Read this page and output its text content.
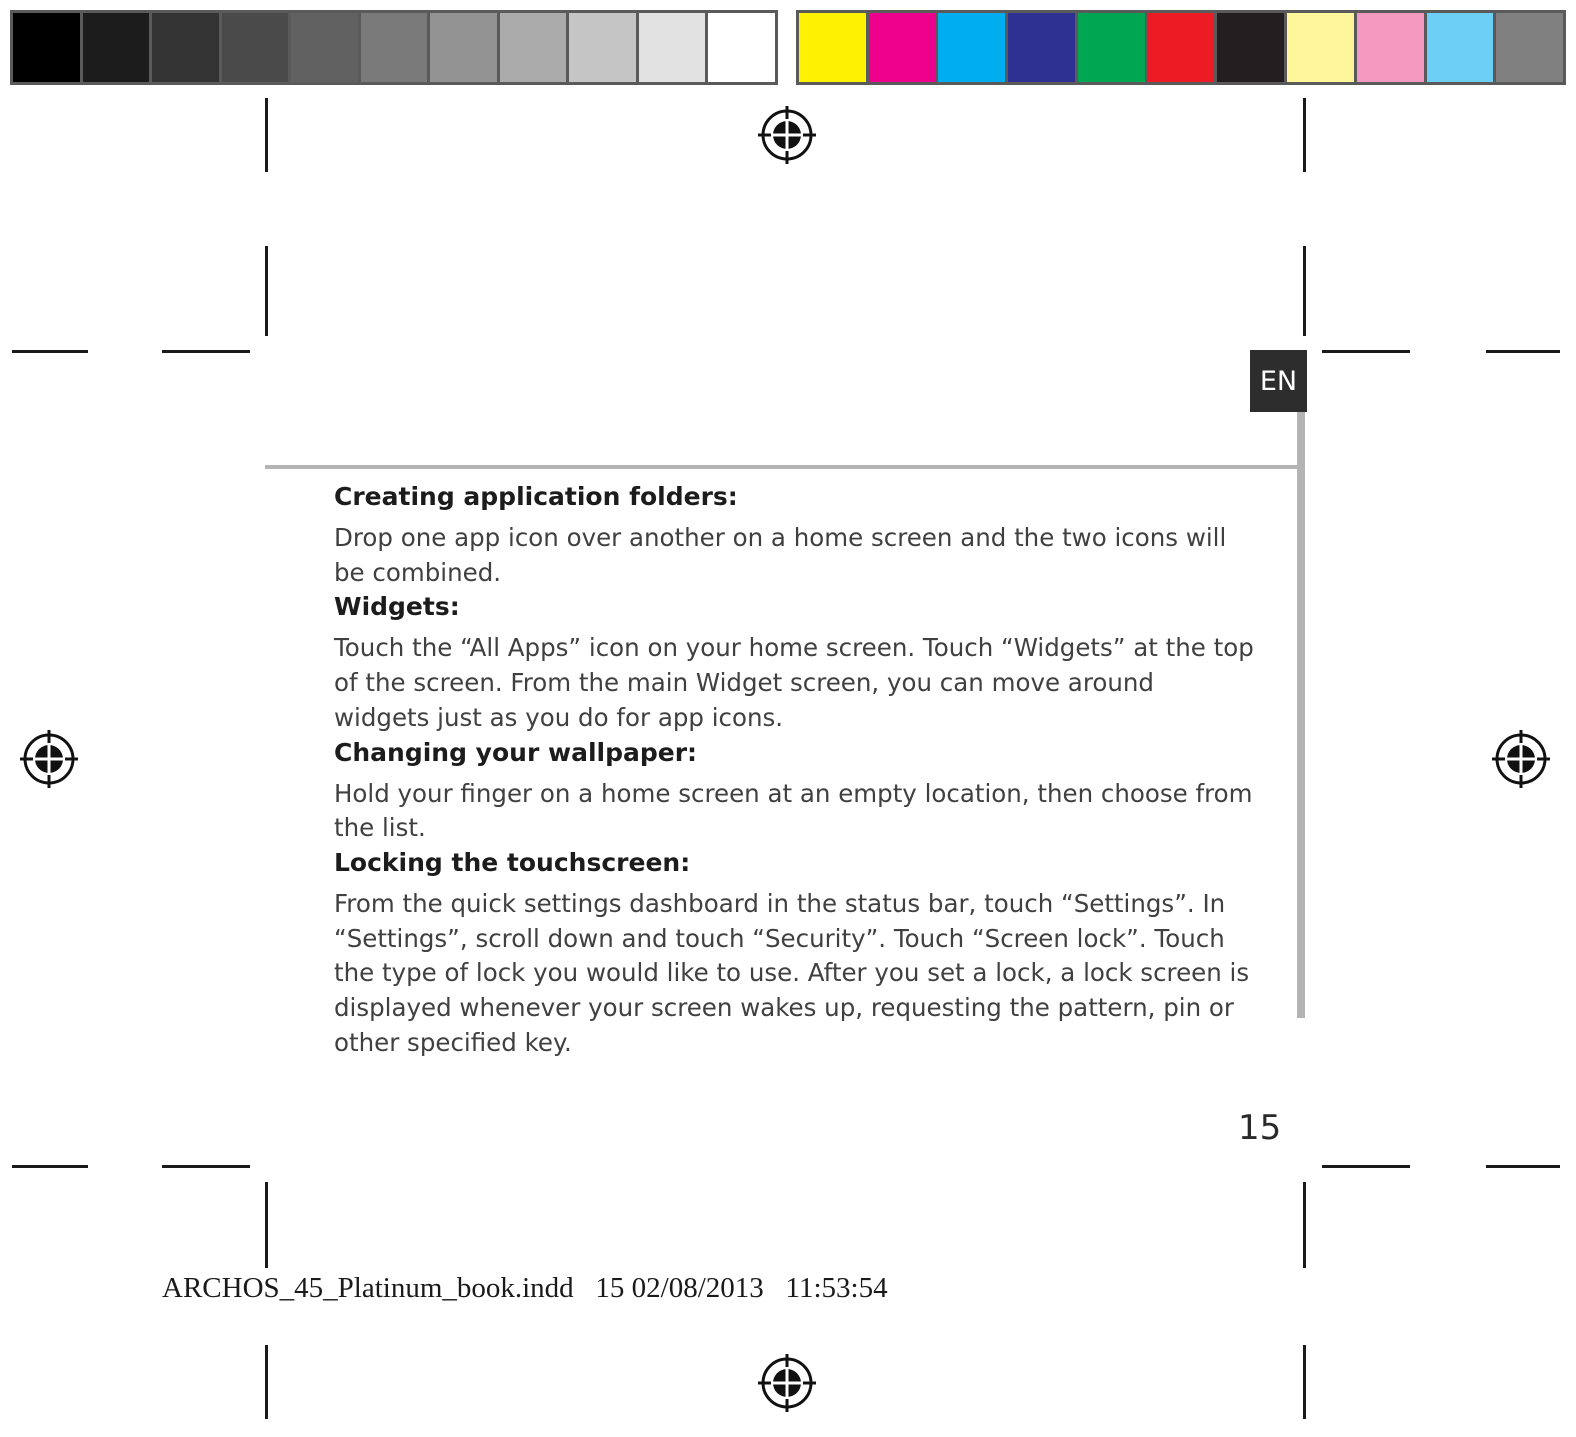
EN
Creating application folders:

Drop one app icon over another on a home screen and the two icons will be combined.

Widgets:

Touch the “All Apps” icon on your home screen. Touch “Widgets” at the top of the screen. From the main Widget screen, you can move around widgets just as you do for app icons.

Changing your wallpaper:

Hold your finger on a home screen at an empty location, then choose from the list.

Locking the touchscreen:

From the quick settings dashboard in the status bar, touch “Settings”. In “Settings”, scroll down and touch “Security”. Touch “Screen lock”. Touch the type of lock you would like to use. After you set a lock, a lock screen is displayed whenever your screen wakes up, requesting the pattern, pin or other specified key.

15
ARCHOS_45_Platinum_book.indd   15 02/08/2013   11:53:54
